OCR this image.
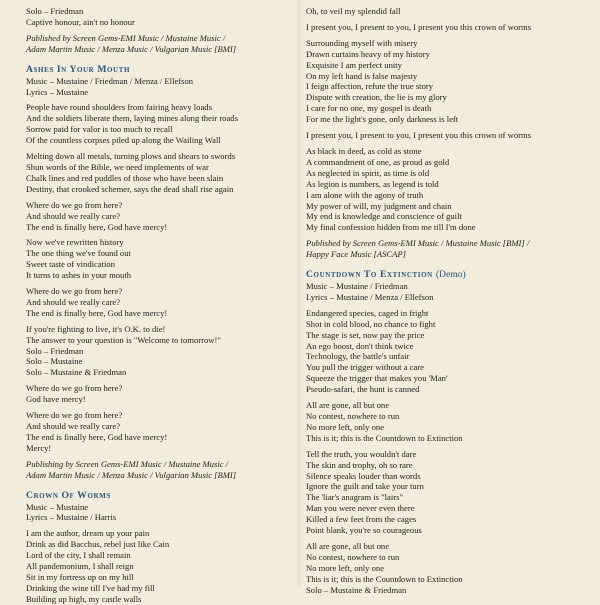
Solo – Friedman
Captive honour, ain't no honour
Published by Screen Gems-EMI Music / Mustaine Music /
Adam Martin Music / Menza Music / Vulgarian Music [BMI]
Ashes In Your Mouth
Music – Mustaine / Friedman / Menza / Ellefson
Lyrics – Mustaine
People have round shoulders from fairing heavy loads
And the soldiers liberate them, laying mines along their roads
Sorrow paid for valor is too much to recall
Of the countless corpses piled up along the Wailing Wall
Melting down all metals, turning plows and shears to swords
Shun words of the Bible, we need implements of war
Chalk lines and red puddles of those who have been slain
Destiny, that crooked schemer, says the dead shall rise again
Where do we go from here?
And should we really care?
The end is finally here, God have mercy!
Now we've rewritten history
The one thing we've found out
Sweet taste of vindication
It turns to ashes in your mouth
Where do we go from here?
And should we really care?
The end is finally here, God have mercy!
If you're fighting to live, it's O.K. to die!
The answer to your question is "Welcome to tomorrow!"
Solo – Friedman
Solo – Mustaine
Solo – Mustaine & Friedman
Where do we go from here?
God have mercy!
Where do we go from here?
And should we really care?
The end is finally here, God have mercy!
Mercy!
Publishing by Screen Gems-EMI Music / Mustaine Music /
Adam Martin Music / Menza Music / Vulgarian Music [BMI]
Crown Of Worms
Music – Mustaine
Lyrics – Mustaine / Harris
I am the author, dream up your pain
Drink as did Bacchus, rebel just like Cain
Lord of the city, I shall remain
All pandemonium, I shall reign
Sit in my fortress up on my hill
Drinking the wine till I've had my fill
Building up high, my castle walls
Oh, to veil my splendid fall
I present you, I present to you, I present you this crown of worms
Surrounding myself with misery
Drawn curtains heavy of my history
Exquisite I am perfect unity
On my left hand is false majesty
I feign affection, refute the true story
Dispute with creation, the lie is my glory
I care for no one, my gospel is death
For me the light's gone, only darkness is left
I present you, I present to you, I present you this crown of worms
As black in deed, as cold as stone
A commandment of one, as proud as gold
As neglected in spirit, as time is old
As legion is numbers, as legend is told
I am alone with the agony of truth
My power of will, my judgment and chain
My end is knowledge and conscience of guilt
My final confession hidden from me till I'm done
Published by Screen Gems-EMI Music / Mustaine Music [BMI] /
Happy Face Music [ASCAP]
Countdown To Extinction (Demo)
Music – Mustaine / Friedman
Lyrics – Mustaine / Menza / Ellefson
Endangered species, caged in fright
Shot in cold blood, no chance to fight
The stage is set, now pay the price
An ego boost, don't think twice
Technology, the battle's unfair
You pull the trigger without a care
Squeeze the trigger that makes you 'Man'
Pseudo-safari, the hunt is canned
All are gone, all but one
No contest, nowhere to run
No more left, only one
This is it; this is the Countdown to Extinction
Tell the truth, you wouldn't dare
The skin and trophy, oh so rare
Silence speaks louder than words
Ignore the guilt and take your turn
The 'liar's anagram is "lairs"
Man you were never even there
Killed a few feet from the cages
Point blank, you're so courageous
All are gone, all but one
No contest, nowhere to run
No more left, only one
This is it; this is the Countdown to Extinction
Solo – Mustaine & Friedman
